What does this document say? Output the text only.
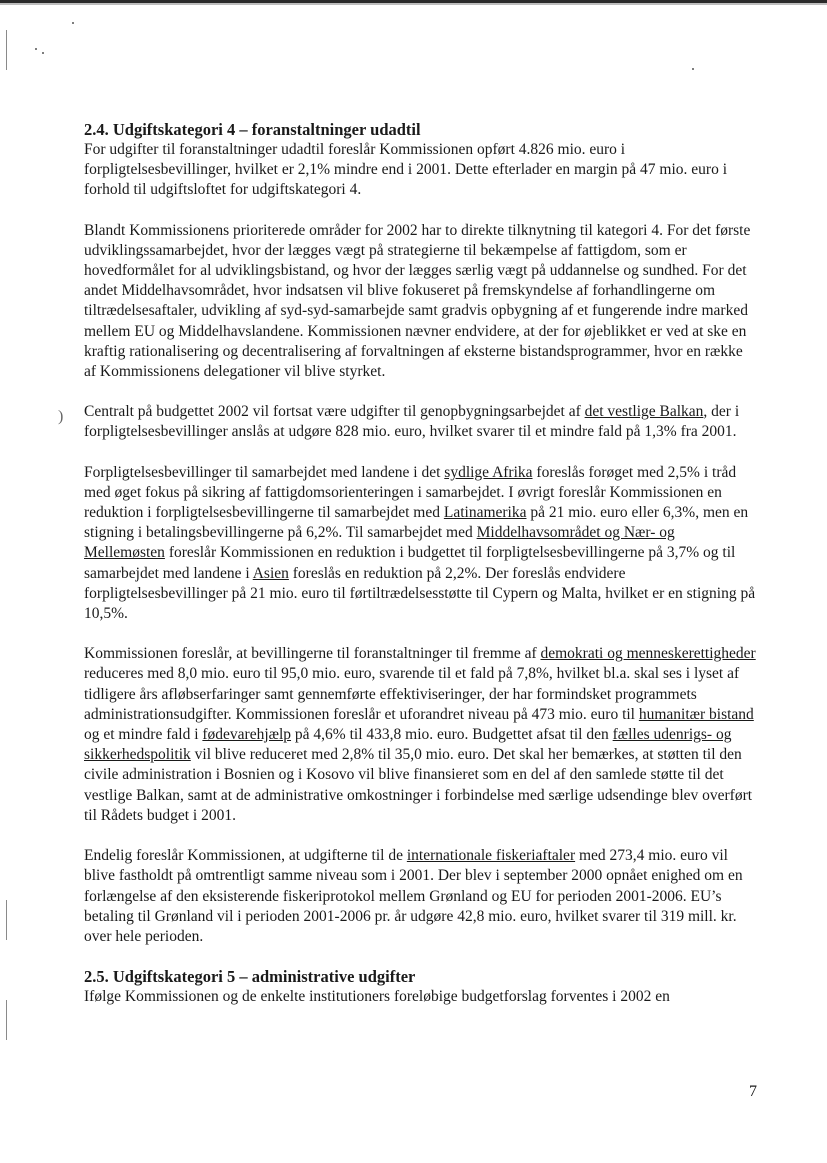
)
2.4. Udgiftskategori 4 – foranstaltninger udadtil

For udgifter til foranstaltninger udadtil foreslår Kommissionen opført 4.826 mio. euro i forpligtelsesbevillinger, hvilket er 2,1% mindre end i 2001. Dette efterlader en margin på 47 mio. euro i forhold til udgiftsloftet for udgiftskategori 4.

Blandt Kommissionens prioriterede områder for 2002 har to direkte tilknytning til kategori 4. For det første udviklingssamarbejdet, hvor der lægges vægt på strategierne til bekæmpelse af fattigdom, som er hovedformålet for al udviklingsbistand, og hvor der lægges særlig vægt på uddannelse og sundhed. For det andet Middelhavsområdet, hvor indsatsen vil blive fokuseret på fremskyndelse af forhandlingerne om tiltrædelsesaftaler, udvikling af syd-syd-samarbejde samt gradvis opbygning af et fungerende indre marked mellem EU og Middelhavslandene. Kommissionen nævner endvidere, at der for øjeblikket er ved at ske en kraftig rationalisering og decentralisering af forvaltningen af eksterne bistandsprogrammer, hvor en række af Kommissionens delegationer vil blive styrket.

Centralt på budgettet 2002 vil fortsat være udgifter til genopbygningsarbejdet af det vestlige Balkan, der i forpligtelsesbevillinger anslås at udgøre 828 mio. euro, hvilket svarer til et mindre fald på 1,3% fra 2001.

Forpligtelsesbevillinger til samarbejdet med landene i det sydlige Afrika foreslås forøget med 2,5% i tråd med øget fokus på sikring af fattigdomsorienteringen i samarbejdet. I øvrigt foreslår Kommissionen en reduktion i forpligtelsesbevillingerne til samarbejdet med Latinamerika på 21 mio. euro eller 6,3%, men en stigning i betalingsbevillingerne på 6,2%. Til samarbejdet med Middelhavsområdet og Nær- og Mellemøsten foreslår Kommissionen en reduktion i budgettet til forpligtelsesbevillingerne på 3,7% og til samarbejdet med landene i Asien foreslås en reduktion på 2,2%. Der foreslås endvidere forpligtelsesbevillinger på 21 mio. euro til førtiltrædelsesstøtte til Cypern og Malta, hvilket er en stigning på 10,5%.

Kommissionen foreslår, at bevillingerne til foranstaltninger til fremme af demokrati og menneskerettigheder reduceres med 8,0 mio. euro til 95,0 mio. euro, svarende til et fald på 7,8%, hvilket bl.a. skal ses i lyset af tidligere års afløbserfaringer samt gennemførte effektiviseringer, der har formindsket programmets administrationsudgifter. Kommissionen foreslår et uforandret niveau på 473 mio. euro til humanitær bistand og et mindre fald i fødevarehjælp på 4,6% til 433,8 mio. euro. Budgettet afsat til den fælles udenrigs- og sikkerhedspolitik vil blive reduceret med 2,8% til 35,0 mio. euro. Det skal her bemærkes, at støtten til den civile administration i Bosnien og i Kosovo vil blive finansieret som en del af den samlede støtte til det vestlige Balkan, samt at de administrative omkostninger i forbindelse med særlige udsendinge blev overført til Rådets budget i 2001.

Endelig foreslår Kommissionen, at udgifterne til de internationale fiskeriaftaler med 273,4 mio. euro vil blive fastholdt på omtrentligt samme niveau som i 2001. Der blev i september 2000 opnået enighed om en forlængelse af den eksisterende fiskeriprotokol mellem Grønland og EU for perioden 2001-2006. EU’s betaling til Grønland vil i perioden 2001-2006 pr. år udgøre 42,8 mio. euro, hvilket svarer til 319 mill. kr. over hele perioden.

2.5. Udgiftskategori 5 – administrative udgifter

Ifølge Kommissionen og de enkelte institutioners foreløbige budgetforslag forventes i 2002 en

7
